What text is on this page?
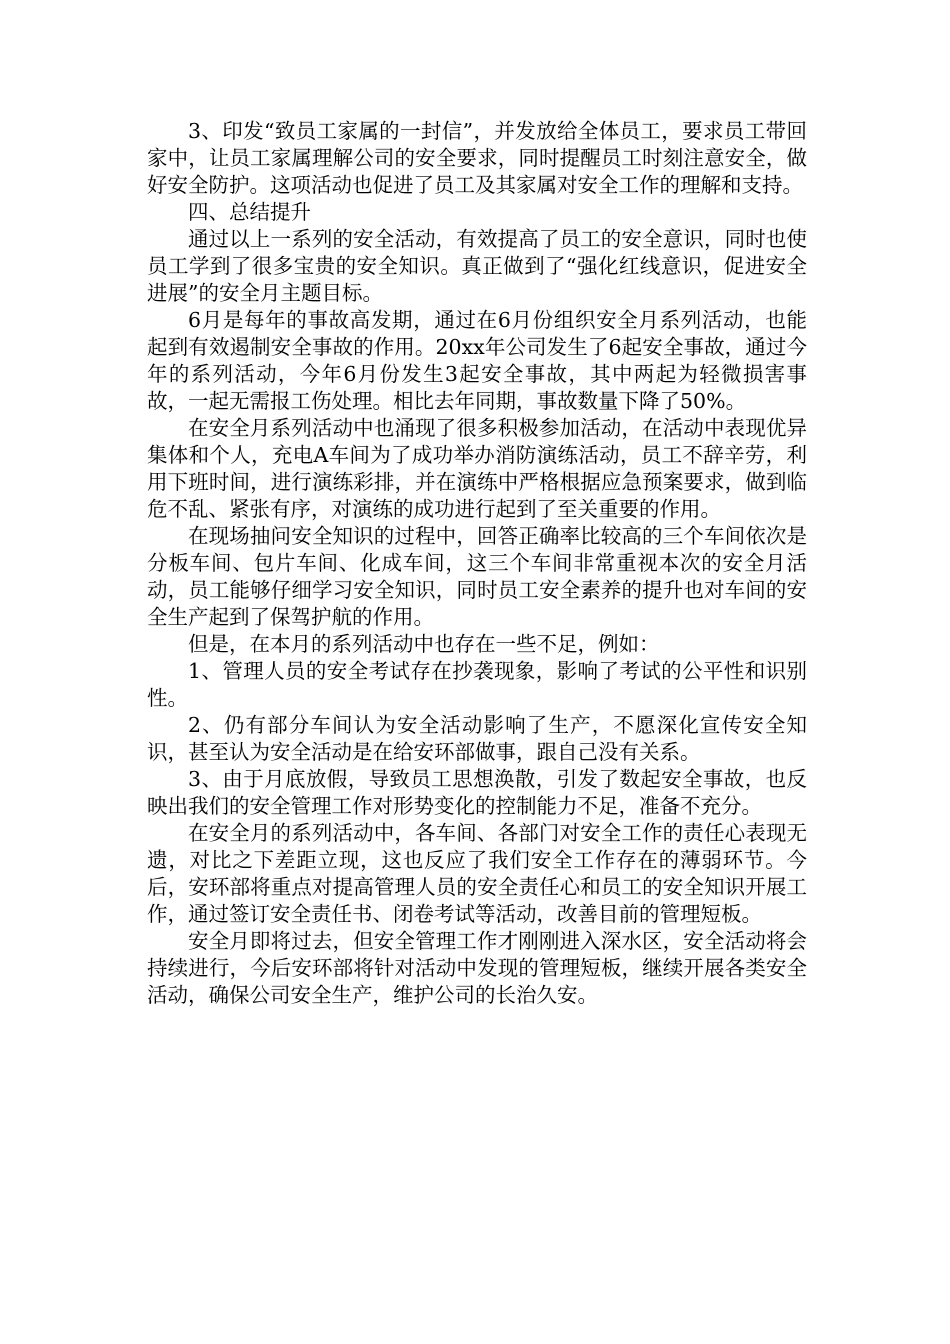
3、印发“致员工家属的一封信”，并发放给全体员工，要求员工带回家中，让员工家属理解公司的安全要求，同时提醒员工时刻注意安全，做好安全防护。这项活动也促进了员工及其家属对安全工作的理解和支持。

四、总结提升

通过以上一系列的安全活动，有效提高了员工的安全意识，同时也使员工学到了很多宝贵的安全知识。真正做到了“强化红线意识，促进安全进展”的安全月主题目标。

6月是每年的事故高发期，通过在6月份组织安全月系列活动，也能起到有效遏制安全事故的作用。20xx年公司发生了6起安全事故，通过今年的系列活动，今年6月份发生3起安全事故，其中两起为轻微损害事故，一起无需报工伤处理。相比去年同期，事故数量下降了50%。

在安全月系列活动中也涌现了很多积极参加活动，在活动中表现优异集体和个人，充电A车间为了成功举办消防演练活动，员工不辞辛劳，利用下班时间，进行演练彩排，并在演练中严格根据应急预案要求，做到临危不乱、紧张有序，对演练的成功进行起到了至关重要的作用。

在现场抽问安全知识的过程中，回答正确率比较高的三个车间依次是分板车间、包片车间、化成车间，这三个车间非常重视本次的安全月活动，员工能够仔细学习安全知识，同时员工安全素养的提升也对车间的安全生产起到了保驾护航的作用。

但是，在本月的系列活动中也存在一些不足，例如：

1、管理人员的安全考试存在抄袭现象，影响了考试的公平性和识别性。

2、仍有部分车间认为安全活动影响了生产，不愿深化宣传安全知识，甚至认为安全活动是在给安环部做事，跟自己没有关系。

3、由于月底放假，导致员工思想涣散，引发了数起安全事故，也反映出我们的安全管理工作对形势变化的控制能力不足，准备不充分。

在安全月的系列活动中，各车间、各部门对安全工作的责任心表现无遗，对比之下差距立现，这也反应了我们安全工作存在的薄弱环节。今后，安环部将重点对提高管理人员的安全责任心和员工的安全知识开展工作，通过签订安全责任书、闭卷考试等活动，改善目前的管理短板。

安全月即将过去，但安全管理工作才刚刚进入深水区，安全活动将会持续进行，今后安环部将针对活动中发现的管理短板，继续开展各类安全活动，确保公司安全生产，维护公司的长治久安。
